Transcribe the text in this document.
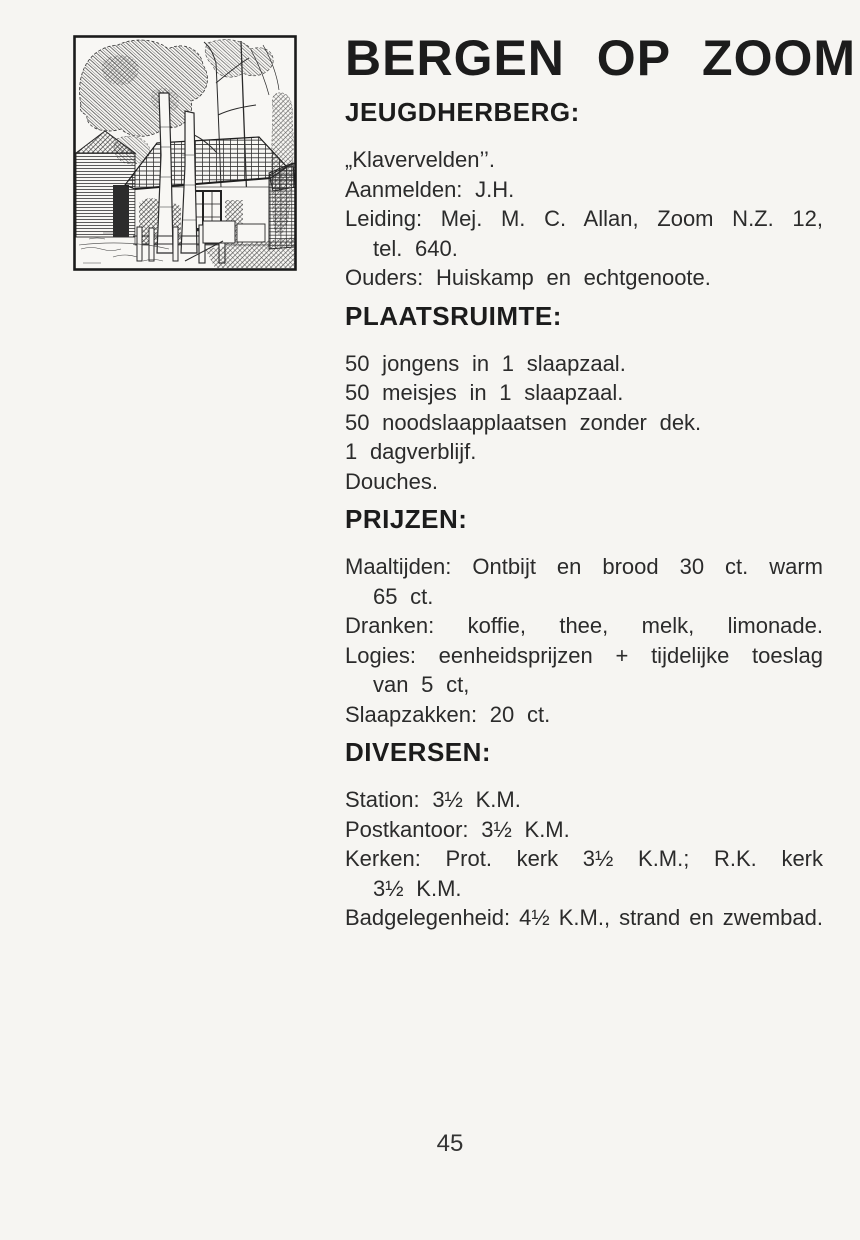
BERGEN OP ZOOM
JEUGDHERBERG:
„Klavervelden’’.
Aanmelden: J.H.
Leiding: Mej. M. C. Allan, Zoom N.Z. 12,
tel. 640.
Ouders: Huiskamp en echtgenoote.
PLAATSRUIMTE:
50 jongens in 1 slaapzaal.
50 meisjes in 1 slaapzaal.
50 noodslaapplaatsen zonder dek.
1 dagverblijf.
Douches.
PRIJZEN:
Maaltijden: Ontbijt en brood 30 ct. warm
65 ct.
Dranken: koffie, thee, melk, limonade.
Logies: eenheidsprijzen + tijdelijke toeslag
van 5 ct,
Slaapzakken: 20 ct.
DIVERSEN:
Station: 3½ K.M.
Postkantoor: 3½ K.M.
Kerken: Prot. kerk 3½ K.M.; R.K. kerk
3½ K.M.
Badgelegenheid: 4½ K.M., strand en zwembad.
45
